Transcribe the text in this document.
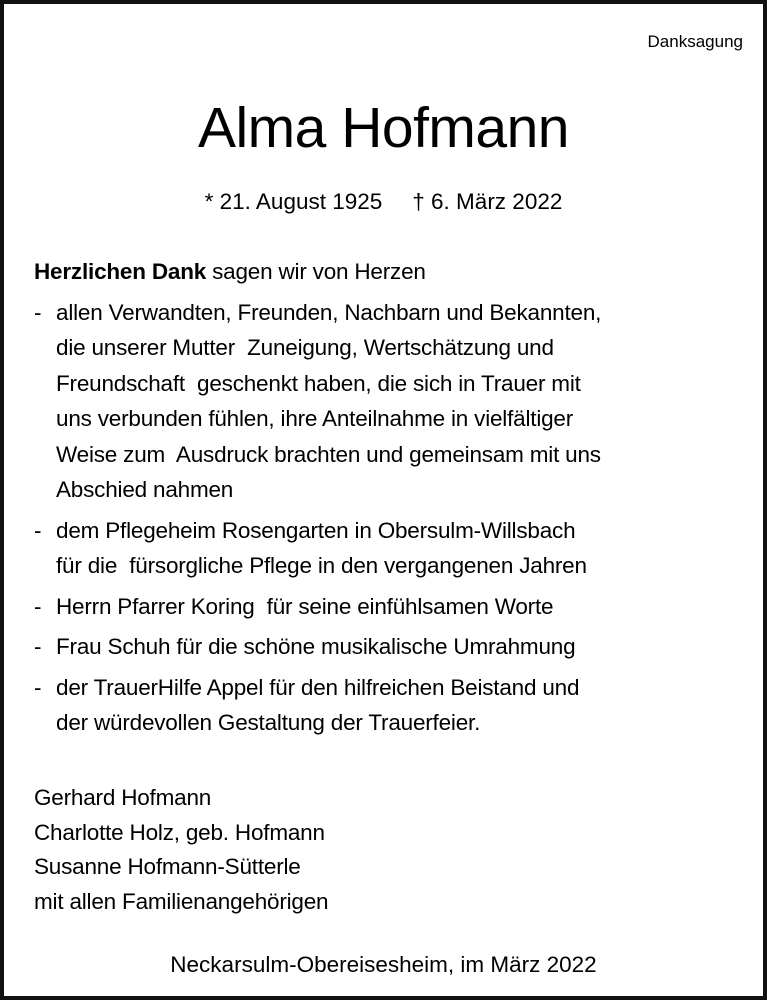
Danksagung
Alma Hofmann
* 21. August 1925 † 6. März 2022
Herzlichen Dank sagen wir von Herzen
- allen Verwandten, Freunden, Nachbarn und Bekannten,
die unserer Mutter  Zuneigung, Wertschätzung und
Freundschaft  geschenkt haben, die sich in Trauer mit
uns verbunden fühlen, ihre Anteilnahme in vielfältiger
Weise zum  Ausdruck brachten und gemeinsam mit uns
Abschied nahmen
- dem Pflegeheim Rosengarten in Obersulm-Willsbach
für die  fürsorgliche Pflege in den vergangenen Jahren
- Herrn Pfarrer Koring  für seine einfühlsamen Worte
- Frau Schuh für die schöne musikalische Umrahmung
- der TrauerHilfe Appel für den hilfreichen Beistand und
der würdevollen Gestaltung der Trauerfeier.
Gerhard Hofmann
Charlotte Holz, geb. Hofmann
Susanne Hofmann-Sütterle
mit allen Familienangehörigen
Neckarsulm-Obereisesheim, im März 2022
